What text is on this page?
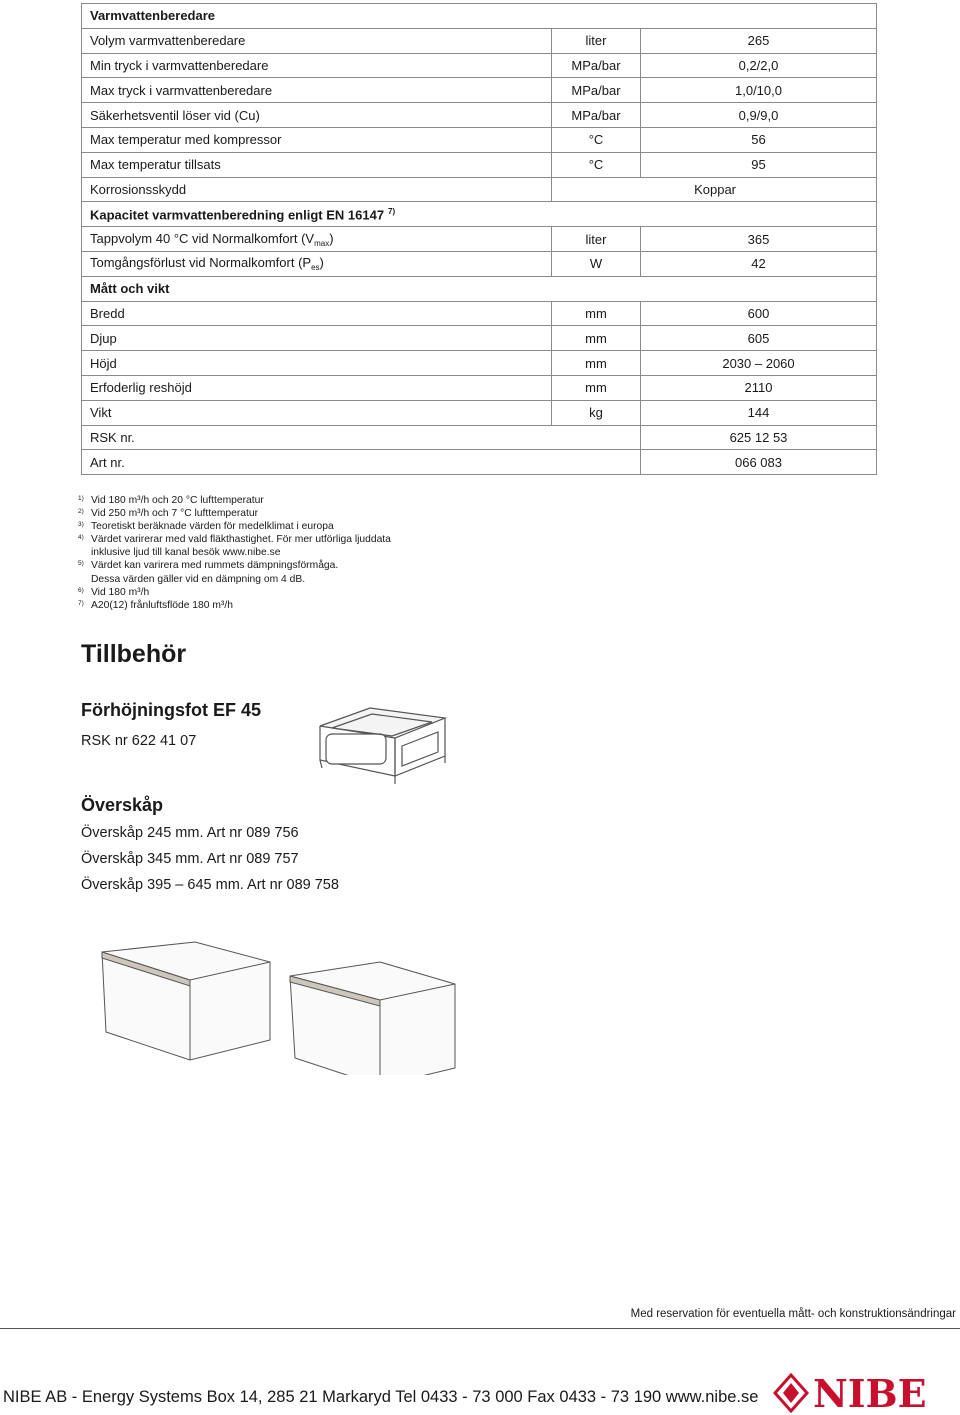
Varmvattenberedare		
Volym varmvattenberedare	liter	265
Min tryck i varmvattenberedare	MPa/bar	0,2/2,0
Max tryck i varmvattenberedare	MPa/bar	1,0/10,0
Säkerhetsventil löser vid (Cu)	MPa/bar	0,9/9,0
Max temperatur med kompressor	°C	56
Max temperatur tillsats	°C	95
Korrosionsskydd	Koppar	
Kapacitet varmvattenberedning enligt EN 16147 $^{7)}$
Tappvolym 40 °C vid Normalkomfort $(V_{max})$	liter	365
Tomgångsförlust vid Normalkomfort $(P_{es})$	W	42
Mått och vikt		
Bredd	mm	600
Djup	mm	605
Höjd	mm	2030 – 2060
Erfoderlig reshöjd	mm	2110
Vikt	kg	144
RSK nr.		625 12 53
Art nr.		066 083
1) Vid 180 m³/h och 20 °C lufttemperatur
2) Vid 250 m³/h och 7 °C lufttemperatur
3) Teoretiskt beräknade värden för medelklimat i europa
4) Värdet varirerar med vald fläkthastighet. För mer utförliga ljuddata
inklusive ljud till kanal besök www.nibe.se
5) Värdet kan varirera med rummets dämpningsförmåga.
Dessa värden gäller vid en dämpning om 4 dB.
6) Vid 180 m³/h
7) A20(12) frånluftsflöde 180 m³/h
Tillbehör
Förhöjningsfot EF 45
RSK nr 622 41 07
Överskåp
Överskåp 245 mm. Art nr 089 756
Överskåp 345 mm. Art nr 089 757
Överskåp 395 – 645 mm. Art nr 089 758
Med reservation för eventuella mått- och konstruktionsändringar
NIBE AB - Energy Systems Box 14, 285 21 Markaryd Tel 0433 - 73 000 Fax 0433 - 73 190 www.nibe.se NIBE
